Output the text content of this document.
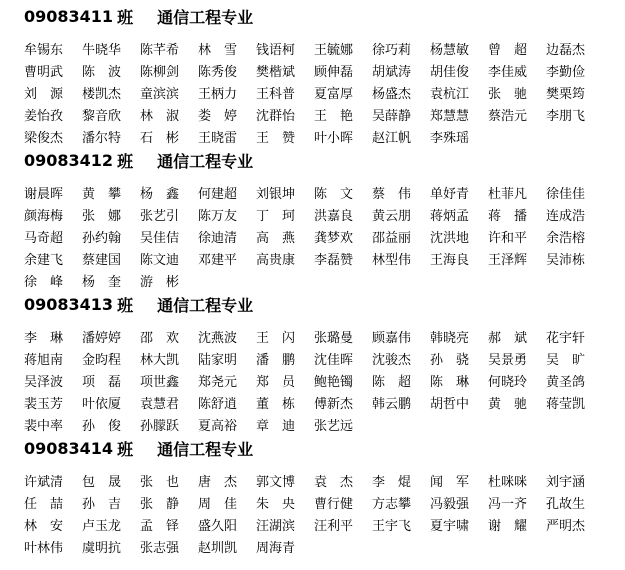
09083411 班 通信工程专业
牟锡东	牛晓华	陈芊希	林　雪	钱语柯	王毓娜	徐巧莉	杨慧敏	曾　超	边磊杰
曹明武	陈　波	陈柳剑	陈秀俊	樊楷斌	顾伸磊	胡斌涛	胡佳俊	李佳威	李勤俭
刘　源	楼凯杰	童滨滨	王柄力	王科普	夏富厚	杨盛杰	袁杭江	张　驰	樊栗筠
姜怡孜	黎音欣	林　淑	娄　婷	沈群怡	王　艳	吴薛静	郑慧慧	蔡浩元	李朋飞
梁俊杰	潘尔特	石　彬	王晓雷	王　赞	叶小晖	赵江帆	李殊瑶
09083412 班 通信工程专业
谢晨晖	黄　攀	杨　鑫	何建超	刘银坤	陈　文	蔡　伟	单妤青	杜菲凡	徐佳佳
颜海梅	张　娜	张艺引	陈万友	丁　珂	洪嘉良	黄云朋	蒋炳孟	蒋　播	连成浩
马奇超	孙约翰	吴佳佶	徐迪清	高　燕	龚梦欢	邵益丽	沈洪地	许和平	余浩榕
余建飞	蔡建国	陈文迪	邓建平	高贵康	李磊赞	林型伟	王海良	王泽辉	吴沛栋
徐　峰	杨　奎	游　彬
09083413 班 通信工程专业
李　琳	潘婷婷	邵　欢	沈燕波	王　闪	张璐曼	顾嘉伟	韩晓亮	郝　斌	花宇轩
蒋旭南	金昀程	林大凯	陆家明	潘　鹏	沈佳晖	沈骏杰	孙　骁	吴景勇	吴　旷
吴泽波	项　磊	项世鑫	郑尧元	郑　员	鲍艳镯	陈　超	陈　琳	何晓玲	黄圣鸽
裴玉芳	叶依厦	袁慧君	陈舒逍	董　栋	傅新杰	韩云鹏	胡哲中	黄　驰	蒋莹凯
裴中率	孙　俊	孙朦跃	夏高裕	章　迪	张艺远
09083414 班 通信工程专业
许斌清	包　晟	张　也	唐　杰	郭文博	袁　杰	李　焜	闻　军	杜咪咪	刘宇涵
任　喆	孙　吉	张　静	周　佳	朱　央	曹行健	方志攀	冯毅强	冯一齐	孔故生
林　安	卢玉龙	孟　铎	盛久阳	汪湖滨	汪利平	王宇飞	夏宇啸	谢　耀	严明杰
叶林伟	虞明抗	张志强	赵圳凯	周海青
